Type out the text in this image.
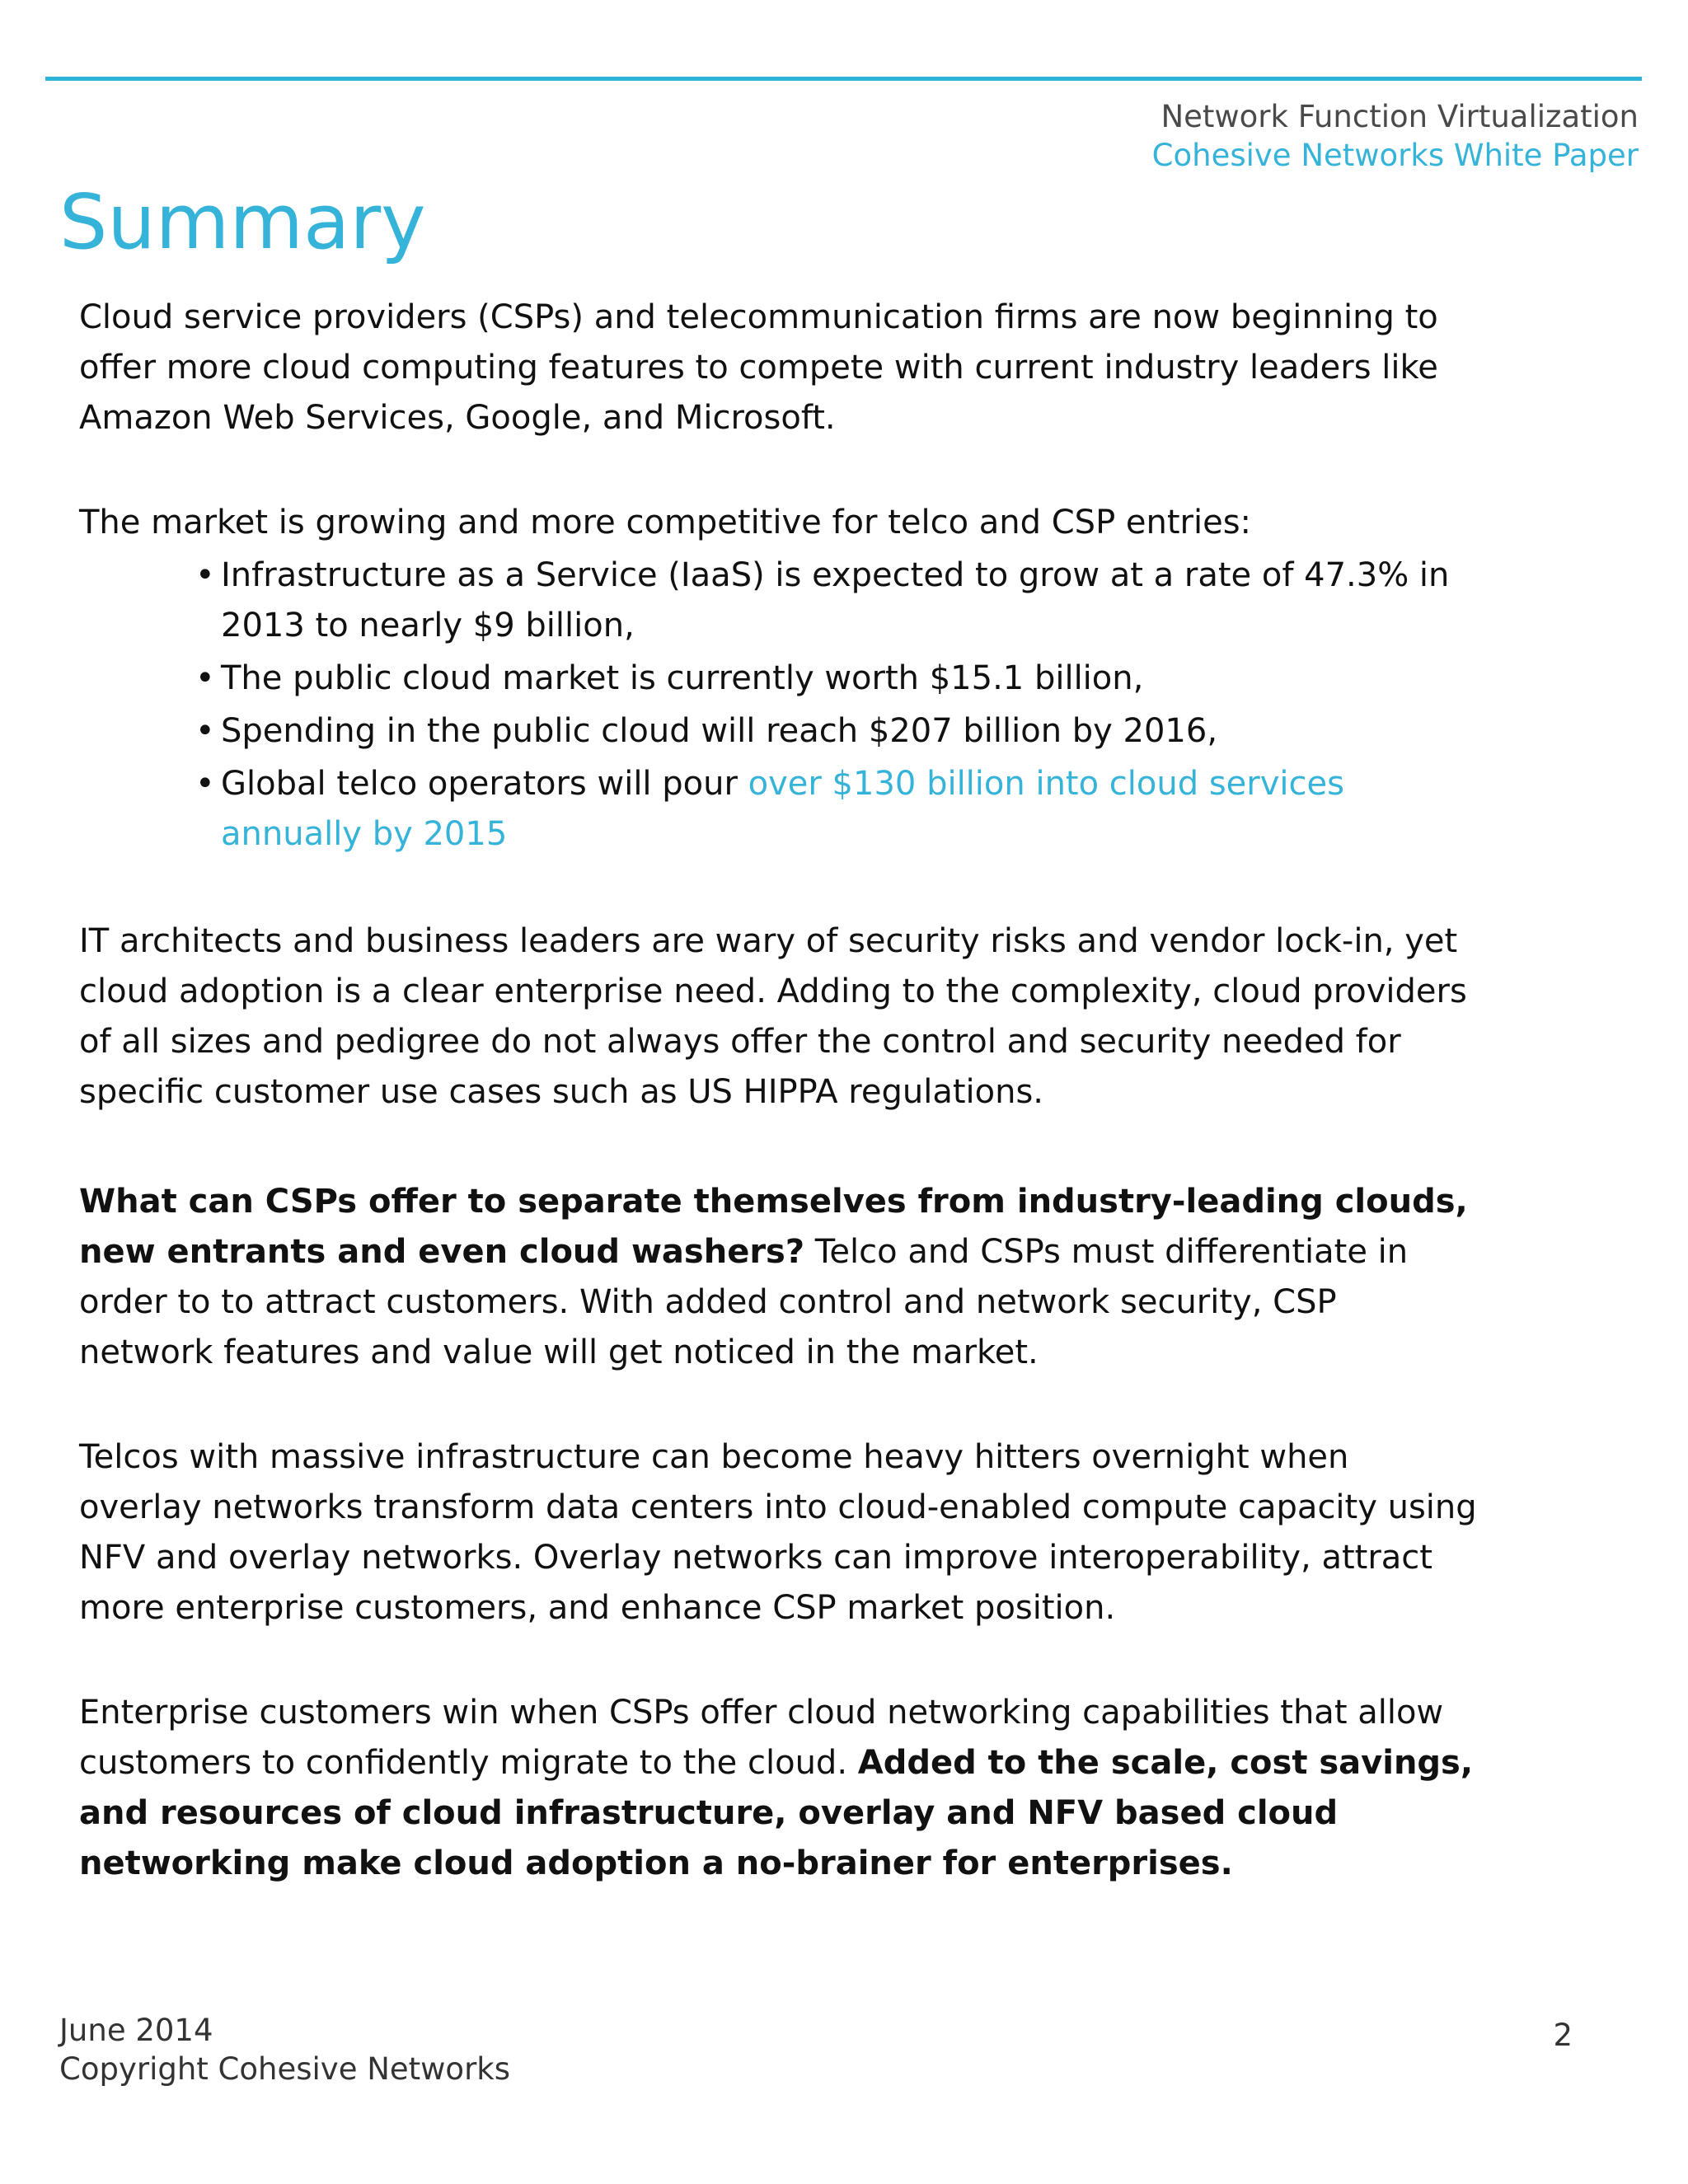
Network Function Virtualization
Cohesive Networks White Paper
Summary

Cloud service providers (CSPs) and telecommunication firms are now beginning to offer more cloud computing features to compete with current industry leaders like Amazon Web Services, Google, and Microsoft.

The market is growing and more competitive for telco and CSP entries:

• Infrastructure as a Service (IaaS) is expected to grow at a rate of 47.3% in 2013 to nearly $9 billion,
• The public cloud market is currently worth $15.1 billion,
• Spending in the public cloud will reach $207 billion by 2016,
• Global telco operators will pour over $130 billion into cloud services annually by 2015

IT architects and business leaders are wary of security risks and vendor lock-in, yet cloud adoption is a clear enterprise need. Adding to the complexity, cloud providers of all sizes and pedigree do not always offer the control and security needed for specific customer use cases such as US HIPPA regulations.

What can CSPs offer to separate themselves from industry-leading clouds, new entrants and even cloud washers? Telco and CSPs must differentiate in order to to attract customers. With added control and network security, CSP network features and value will get noticed in the market.

Telcos with massive infrastructure can become heavy hitters overnight when overlay networks transform data centers into cloud-enabled compute capacity using NFV and overlay networks. Overlay networks can improve interoperability, attract more enterprise customers, and enhance CSP market position.

Enterprise customers win when CSPs offer cloud networking capabilities that allow customers to confidently migrate to the cloud. Added to the scale, cost savings, and resources of cloud infrastructure, overlay and NFV based cloud networking make cloud adoption a no-brainer for enterprises.

June 2014
Copyright Cohesive Networks
2
